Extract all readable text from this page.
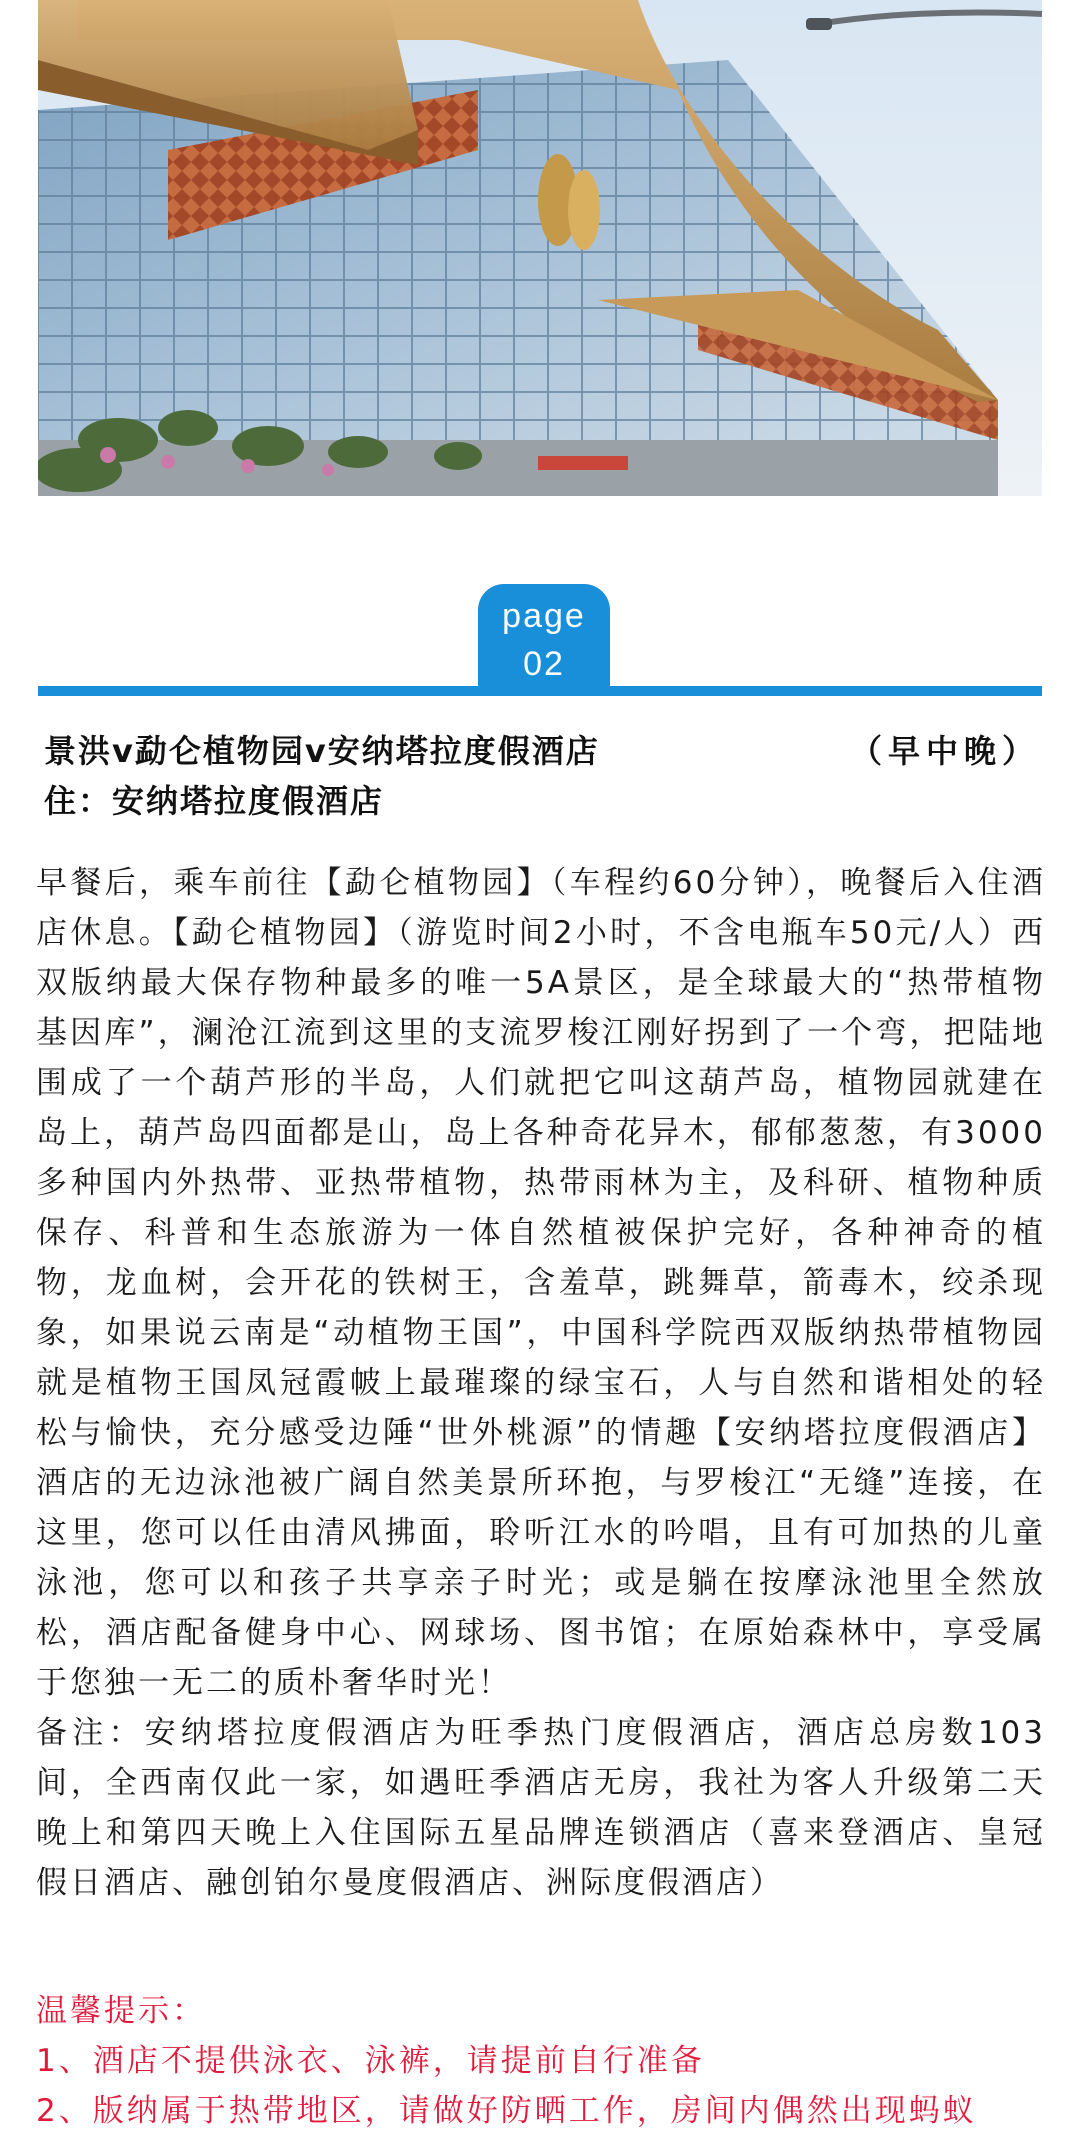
page
02
景洪v勐仑植物园v安纳塔拉度假酒店	（早中晚）
住：安纳塔拉度假酒店

早餐后，乘车前往【勐仑植物园】（车程约60分钟），晚餐后入住酒店休息。【勐仑植物园】（游览时间2小时，不含电瓶车50元/人）西双版纳最大保存物种最多的唯一5A景区，是全球最大的“热带植物基因库”，澜沧江流到这里的支流罗梭江刚好拐到了一个弯，把陆地围成了一个葫芦形的半岛，人们就把它叫这葫芦岛，植物园就建在岛上，葫芦岛四面都是山，岛上各种奇花异木，郁郁葱葱，有3000多种国内外热带、亚热带植物，热带雨林为主，及科研、植物种质保存、科普和生态旅游为一体自然植被保护完好，各种神奇的植物，龙血树，会开花的铁树王，含羞草，跳舞草，箭毒木，绞杀现象，如果说云南是“动植物王国”，中国科学院西双版纳热带植物园就是植物王国凤冠霞帔上最璀璨的绿宝石，人与自然和谐相处的轻松与愉快，充分感受边陲“世外桃源”的情趣【安纳塔拉度假酒店】酒店的无边泳池被广阔自然美景所环抱，与罗梭江“无缝”连接，在这里，您可以任由清风拂面，聆听江水的吟唱，且有可加热的儿童泳池，您可以和孩子共享亲子时光；或是躺在按摩泳池里全然放松，酒店配备健身中心、网球场、图书馆；在原始森林中，享受属于您独一无二的质朴奢华时光！

备注：安纳塔拉度假酒店为旺季热门度假酒店，酒店总房数103间，全西南仅此一家，如遇旺季酒店无房，我社为客人升级第二天晚上和第四天晚上入住国际五星品牌连锁酒店（喜来登酒店、皇冠假日酒店、融创铂尔曼度假酒店、洲际度假酒店）

温馨提示：
1、酒店不提供泳衣、泳裤，请提前自行准备
2、版纳属于热带地区，请做好防晒工作，房间内偶然出现蚂蚁
